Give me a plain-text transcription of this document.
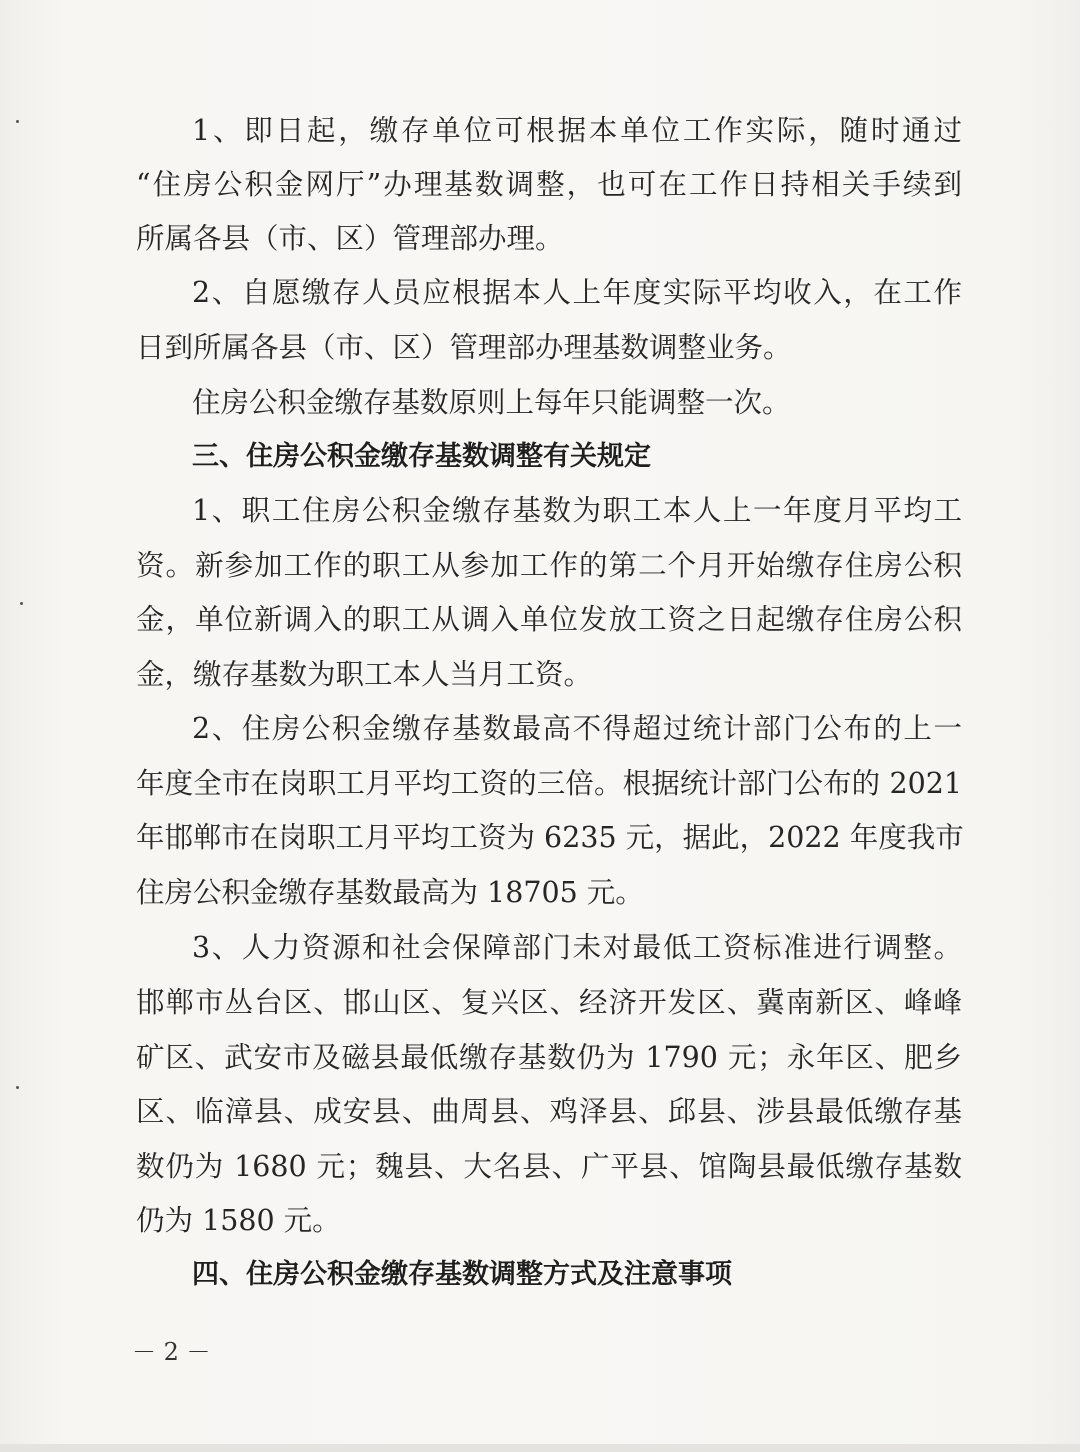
1、即日起，缴存单位可根据本单位工作实际，随时通过
“住房公积金网厅”办理基数调整，也可在工作日持相关手续到
所属各县（市、区）管理部办理。
2、自愿缴存人员应根据本人上年度实际平均收入，在工作
日到所属各县（市、区）管理部办理基数调整业务。
住房公积金缴存基数原则上每年只能调整一次。
三、住房公积金缴存基数调整有关规定
1、职工住房公积金缴存基数为职工本人上一年度月平均工
资。新参加工作的职工从参加工作的第二个月开始缴存住房公积
金，单位新调入的职工从调入单位发放工资之日起缴存住房公积
金，缴存基数为职工本人当月工资。
2、住房公积金缴存基数最高不得超过统计部门公布的上一
年度全市在岗职工月平均工资的三倍。根据统计部门公布的 2021
年邯郸市在岗职工月平均工资为 6235 元，据此，2022 年度我市
住房公积金缴存基数最高为 18705 元。
3、人力资源和社会保障部门未对最低工资标准进行调整。
邯郸市丛台区、邯山区、复兴区、经济开发区、冀南新区、峰峰
矿区、武安市及磁县最低缴存基数仍为 1790 元；永年区、肥乡
区、临漳县、成安县、曲周县、鸡泽县、邱县、涉县最低缴存基
数仍为 1680 元；魏县、大名县、广平县、馆陶县最低缴存基数
仍为 1580 元。
四、住房公积金缴存基数调整方式及注意事项
－ 2 －
